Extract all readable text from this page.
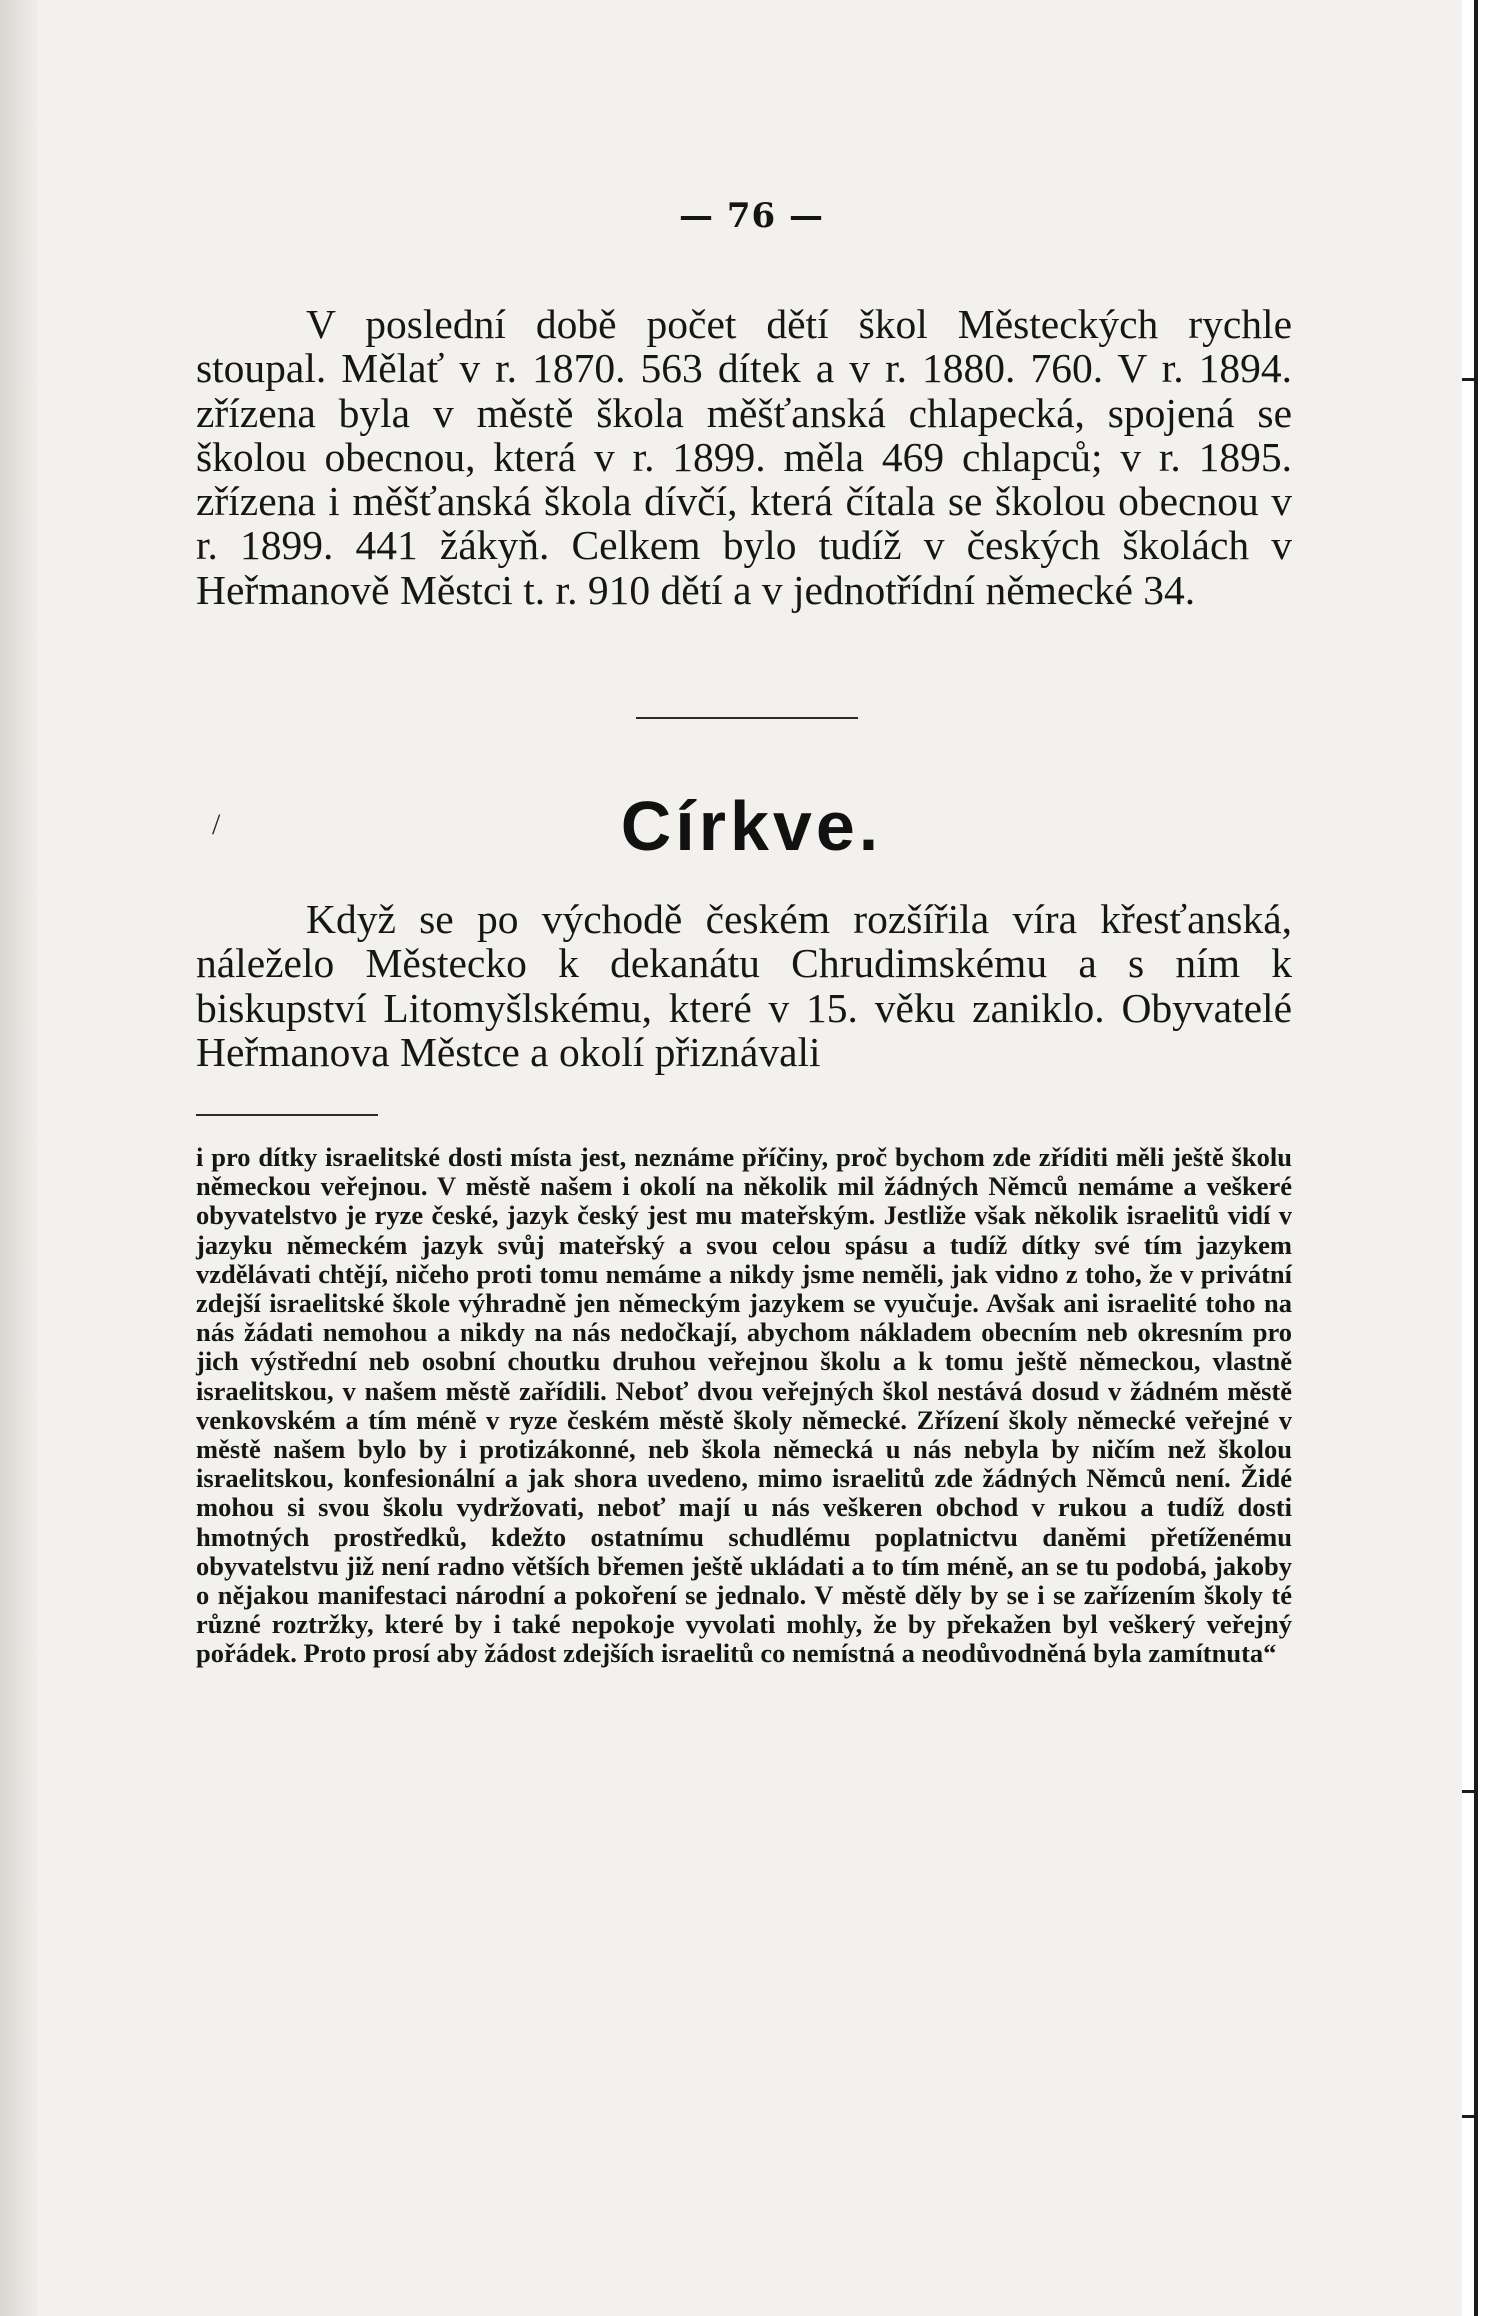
— 76 —

V poslední době počet dětí škol Městeckých rychle stoupal. Mělať v r. 1870. 563 dítek a v r. 1880. 760. V r. 1894. zřízena byla v městě škola měšťanská chlapecká, spojená se školou obecnou, která v r. 1899. měla 469 chlapců; v r. 1895. zřízena i měšťanská škola dívčí, která čítala se školou obecnou v r. 1899. 441 žákyň. Celkem bylo tudíž v českých školách v Heřmanově Městci t. r. 910 dětí a v jednotřídní německé 34.

/	Církve.

Když se po východě českém rozšířila víra křesťanská, náleželo Městecko k dekanátu Chrudimskému a s ním k biskupství Litomyšlskému, které v 15. věku zaniklo. Obyvatelé Heřmanova Městce a okolí přiznávali

i pro dítky israelitské dosti místa jest, neznáme příčiny, proč bychom zde zříditi měli ještě školu německou veřejnou. V městě našem i okolí na několik mil žádných Němců nemáme a veškeré obyvatelstvo je ryze české, jazyk český jest mu mateřským. Jestliže však několik israelitů vidí v jazyku německém jazyk svůj mateřský a svou celou spásu a tudíž dítky své tím jazykem vzdělávati chtějí, ničeho proti tomu nemáme a nikdy jsme neměli, jak vidno z toho, že v privátní zdejší israelitské škole výhradně jen německým jazykem se vyučuje. Avšak ani israelité toho na nás žádati nemohou a nikdy na nás nedočkají, abychom nákladem obecním neb okresním pro jich výstřední neb osobní choutku druhou veřejnou školu a k tomu ještě německou, vlastně israelitskou, v našem městě zařídili. Neboť dvou veřejných škol nestává dosud v žádném městě venkovském a tím méně v ryze českém městě školy německé. Zřízení školy německé veřejné v městě našem bylo by i protizákonné, neb škola německá u nás nebyla by ničím než školou israelitskou, konfesionální a jak shora uvedeno, mimo israelitů zde žádných Němců není. Židé mohou si svou školu vydržovati, neboť mají u nás veškeren obchod v rukou a tudíž dosti hmotných prostředků, kdežto ostatnímu schudlému poplatnictvu daněmi přetíženému obyvatelstvu již není radno větších břemen ještě ukládati a to tím méně, an se tu podobá, jakoby o nějakou manifestaci národní a pokoření se jednalo. V městě děly by se i se zařízením školy té různé roztržky, které by i také nepokoje vyvolati mohly, že by překažen byl veškerý veřejný pořádek. Proto prosí aby žádost zdejších israelitů co nemístná a neodůvodněná byla zamítnuta“
